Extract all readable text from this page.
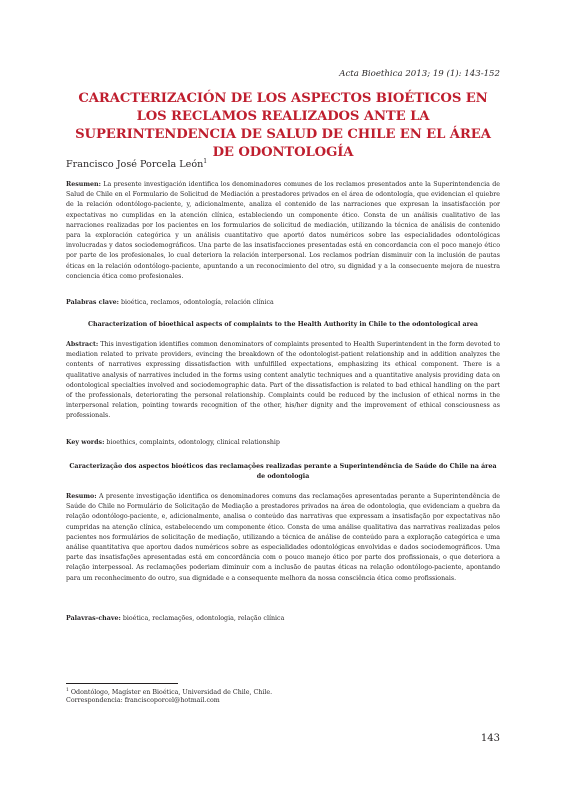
Acta Bioethica 2013; 19 (1): 143-152
CARACTERIZACIÓN DE LOS ASPECTOS BIOÉTICOS EN LOS RECLAMOS REALIZADOS ANTE LA SUPERINTENDENCIA DE SALUD DE CHILE EN EL ÁREA DE ODONTOLOGÍA
Francisco José Porcela León$^1$

Resumen: La presente investigación identifica los denominadores comunes de los reclamos presentados ante la Superintendencia de Salud de Chile en el Formulario de Solicitud de Mediación a prestadores privados en el área de odontología, que evidencian el quiebre de la relación odontólogo-paciente, y, adicionalmente, analiza el contenido de las narraciones que expresan la insatisfacción por expectativas no cumplidas en la atención clínica, estableciendo un componente ético. Consta de un análisis cualitativo de las narraciones realizadas por los pacientes en los formularios de solicitud de mediación, utilizando la técnica de análisis de contenido para la exploración categórica y un análisis cuantitativo que aportó datos numéricos sobre las especialidades odontológicas involucradas y datos sociodemográficos. Una parte de las insatisfacciones presentadas está en concordancia con el poco manejo ético por parte de los profesionales, lo cual deteriora la relación interpersonal. Los reclamos podrían disminuir con la inclusión de pautas éticas en la relación odontólogo-paciente, apuntando a un reconocimiento del otro, su dignidad y a la consecuente mejora de nuestra conciencia ética como profesionales.

Palabras clave: bioética, reclamos, odontología, relación clínica

Characterization of bioethical aspects of complaints to the Health Authority in Chile to the odontological area

Abstract: This investigation identifies common denominators of complaints presented to Health Superintendent in the form devoted to mediation related to private providers, evincing the breakdown of the odontologist-patient relationship and in addition analyzes the contents of narratives expressing dissatisfaction with unfulfilled expectations, emphasizing its ethical component. There is a qualitative analysis of narratives included in the forms using content analytic techniques and a quantitative analysis providing data on odontological specialties involved and sociodemographic data. Part of the dissatisfaction is related to bad ethical handling on the part of the professionals, deteriorating the personal relationship. Complaints could be reduced by the inclusion of ethical norms in the interpersonal relation, pointing towards recognition of the other, his/her dignity and the improvement of ethical consciousness as professionals.

Key words: bioethics, complaints, odontology, clinical relationship

Caracterização dos aspectos bioéticos das reclamações realizadas perante a Superintendência de Saúde do Chile na área de odontologia

Resumo: A presente investigação identifica os denominadores comuns das reclamações apresentadas perante a Superintendência de Saúde do Chile no Formulário de Solicitação de Mediação a prestadores privados na área de odontologia, que evidenciam a quebra da relação odontólogo-paciente, e, adicionalmente, analisa o conteúdo das narrativas que expressam a insatisfação por expectativas não cumpridas na atenção clínica, estabelecendo um componente ético. Consta de uma análise qualitativa das narrativas realizadas pelos pacientes nos formulários de solicitação de mediação, utilizando a técnica de análise de conteúdo para a exploração categórica e uma análise quantitativa que aportou dados numéricos sobre as especialidades odontológicas envolvidas e dados sociodemográficos. Uma parte das insatisfações apresentadas está em concordância com o pouco manejo ético por parte dos profissionais, o que deteriora a relação interpessoal. As reclamações poderiam diminuir com a inclusão de pautas éticas na relação odontólogo-paciente, apontando para um reconhecimento do outro, sua dignidade e a consequente melhora da nossa consciência ética como profissionais.

Palavras-chave: bioética, reclamações, odontologia, relação clínica

$^1$ Odontólogo, Magíster en Bioética, Universidad de Chile, Chile.
Correspondencia: franciscoporcel@hotmail.com
143
